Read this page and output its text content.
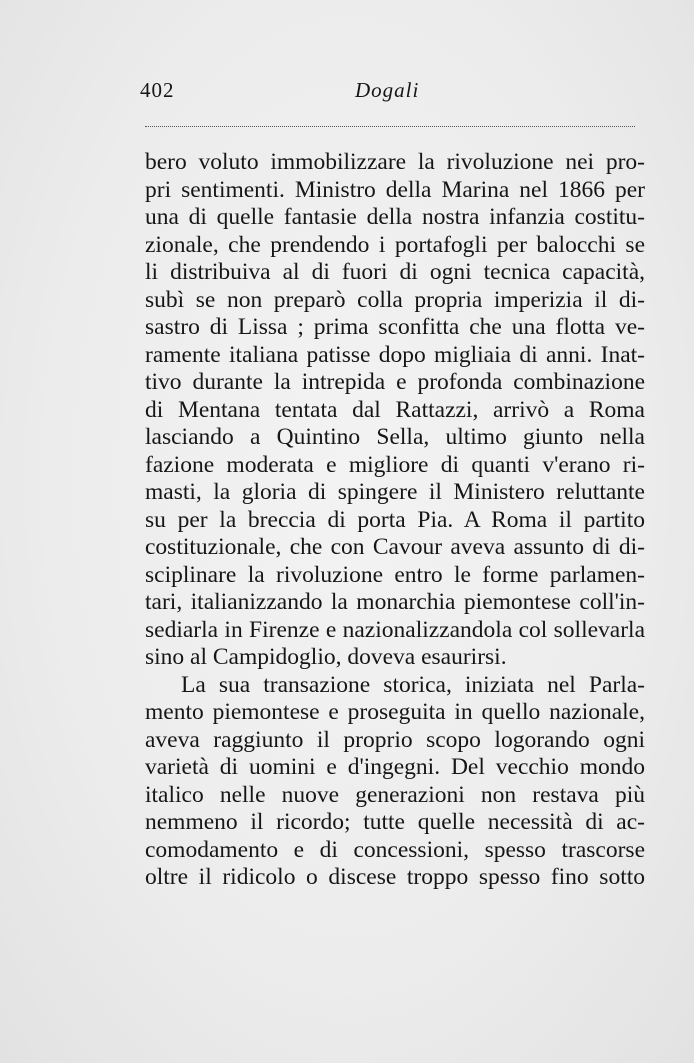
402	Dogali
bero voluto immobilizzare la rivoluzione nei pro-
pri sentimenti. Ministro della Marina nel 1866 per
una di quelle fantasie della nostra infanzia costitu-
zionale, che prendendo i portafogli per balocchi se
li distribuiva al di fuori di ogni tecnica capacità,
subì se non preparò colla propria imperizia il di-
sastro di Lissa ; prima sconfitta che una flotta ve-
ramente italiana patisse dopo migliaia di anni. Inat-
tivo durante la intrepida e profonda combinazione
di Mentana tentata dal Rattazzi, arrivò a Roma
lasciando a Quintino Sella, ultimo giunto nella
fazione moderata e migliore di quanti v'erano ri-
masti, la gloria di spingere il Ministero reluttante
su per la breccia di porta Pia. A Roma il partito
costituzionale, che con Cavour aveva assunto di di-
sciplinare la rivoluzione entro le forme parlamen-
tari, italianizzando la monarchia piemontese coll'in-
sediarla in Firenze e nazionalizzandola col sollevarla
sino al Campidoglio, doveva esaurirsi.
La sua transazione storica, iniziata nel Parla-
mento piemontese e proseguita in quello nazionale,
aveva raggiunto il proprio scopo logorando ogni
varietà di uomini e d'ingegni. Del vecchio mondo
italico nelle nuove generazioni non restava più
nemmeno il ricordo; tutte quelle necessità di ac-
comodamento e di concessioni, spesso trascorse
oltre il ridicolo o discese troppo spesso fino sotto
